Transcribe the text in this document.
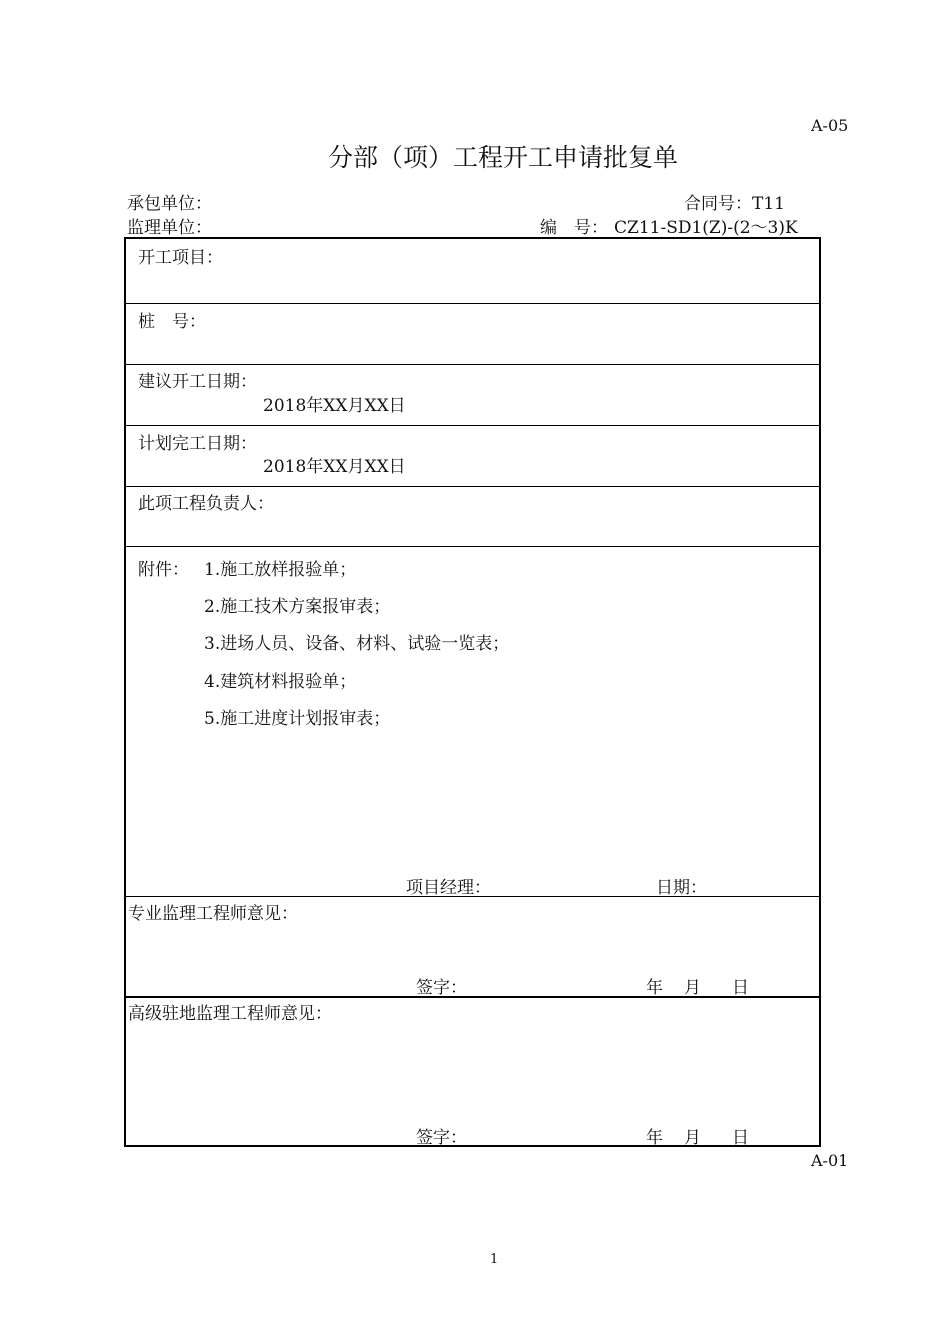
A-05
分部（项）工程开工申请批复单
承包单位：	合同号：T11
监理单位：	编　号： CZ11-SD1(Z)-(2～3)K
开工项目：
桩　号：
建议开工日期：
2018年XX月XX日
计划完工日期：
2018年XX月XX日
此项工程负责人：
附件： 1.施工放样报验单；
2.施工技术方案报审表；
3.进场人员、设备、材料、试验一览表；
4.建筑材料报验单；
5.施工进度计划报审表；
项目经理：	日期：
专业监理工程师意见：
签字：	年 月 日
高级驻地监理工程师意见：
签字：	年 月 日
A-01
1
